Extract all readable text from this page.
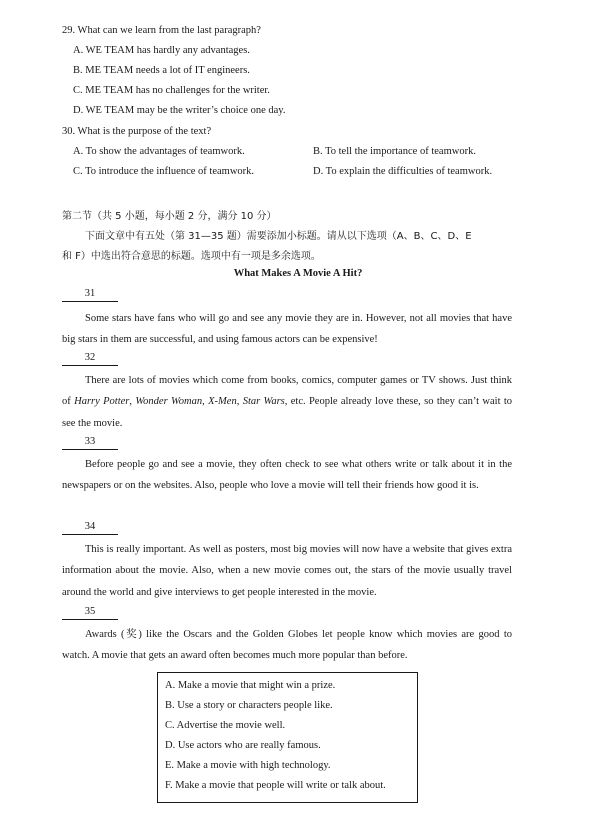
29. What can we learn from the last paragraph?
A. WE TEAM has hardly any advantages.
B. ME TEAM needs a lot of IT engineers.
C. ME TEAM has no challenges for the writer.
D. WE TEAM may be the writer’s choice one day.
30. What is the purpose of the text?
A. To show the advantages of teamwork.	B. To tell the importance of teamwork.
C. To introduce the influence of teamwork.	D. To explain the difficulties of teamwork.
第二节（共 5 小题，每小题 2 分，满分 10 分）
下面文章中有五处（第 31—35 题）需要添加小标题。请从以下选项（A、B、C、D、E
和 F）中选出符合意思的标题。选项中有一项是多余选项。
What Makes A Movie A Hit?
31

Some stars have fans who will go and see any movie they are in. However, not all movies that have big stars in them are successful, and using famous actors can be expensive!

32

There are lots of movies which come from books, comics, computer games or TV shows. Just think of Harry Potter, Wonder Woman, X-Men, Star Wars, etc. People already love these, so they can’t wait to see the movie.

33

Before people go and see a movie, they often check to see what others write or talk about it in the newspapers or on the websites. Also, people who love a movie will tell their friends how good it is.

34

This is really important. As well as posters, most big movies will now have a website that gives extra information about the movie. Also, when a new movie comes out, the stars of the movie usually travel around the world and give interviews to get people interested in the movie.

35

Awards (奖) like the Oscars and the Golden Globes let people know which movies are good to watch. A movie that gets an award often becomes much more popular than before.

A. Make a movie that might win a prize.
B. Use a story or characters people like.
C. Advertise the movie well.
D. Use actors who are really famous.
E. Make a movie with high technology.
F. Make a movie that people will write or talk about.
